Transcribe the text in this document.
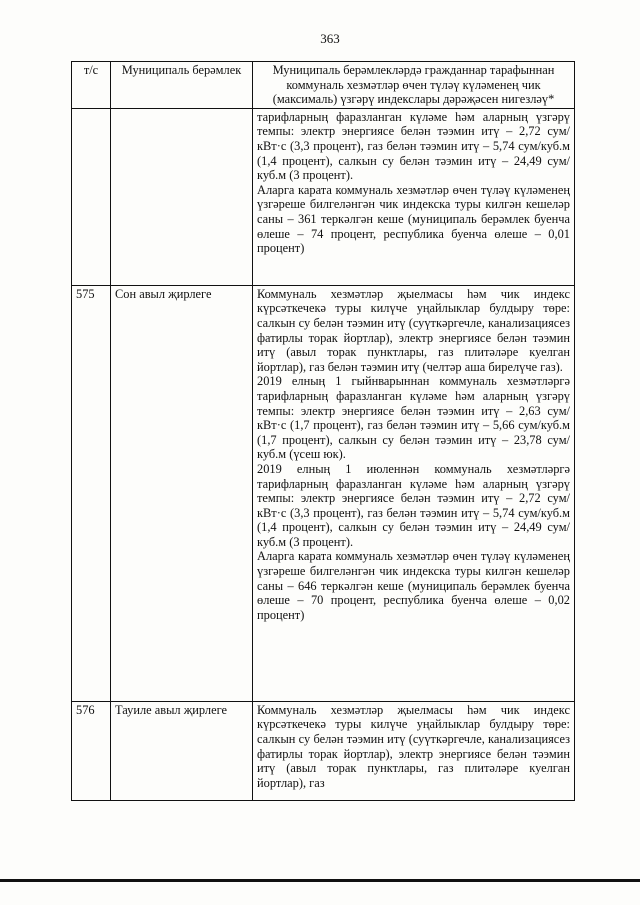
363
т/с	Муниципаль берәмлек	Муниципаль берәмлекләрдә гражданнар тарафыннан коммуналь хезмәтләр өчен түләү күләменең чик (максималь) үзгәрү индекслары дәрәҗәсен нигезләү*

		тарифларның фаразланган күләме һәм аларның үзгәрү темпы: электр энергиясе белән тәэмин итү – 2,72 сум/кВт·с (3,3 процент), газ белән тәэмин итү – 5,74 сум/куб.м (1,4 процент), салкын су белән тәэмин итү – 24,49 сум/куб.м (3 процент).
Аларга карата коммуналь хезмәтләр өчен түләү күләменең үзгәреше билгеләнгән чик индекска туры килгән кешеләр саны – 361 теркәлгән кеше (муниципаль берәмлек буенча өлеше – 74 процент, республика буенча өлеше – 0,01 процент)

575	Сон авыл җирлеге	Коммуналь хезмәтләр җыелмасы һәм чик индекс күрсәткечекә туры килүче уңайлыклар булдыру төре: салкын су белән тәэмин итү (суүткәргечле, канализациясез фатирлы торак йортлар), электр энергиясе белән тәэмин итү (авыл торак пунктлары, газ плитәләре куелган йортлар), газ белән тәэмин итү (челтәр аша бирелүче газ).
2019 елның 1 гыйнварыннан коммуналь хезмәтләргә тарифларның фаразланган күләме һәм аларның үзгәрү темпы: электр энергиясе белән тәэмин итү – 2,63 сум/кВт·с (1,7 процент), газ белән тәэмин итү – 5,66 сум/куб.м (1,7 процент), салкын су белән тәэмин итү – 23,78 сум/куб.м (үсеш юк).
2019 елның 1 июленнән коммуналь хезмәтләргә тарифларның фаразланган күләме һәм аларның үзгәрү темпы: электр энергиясе белән тәэмин итү – 2,72 сум/кВт·с (3,3 процент), газ белән тәэмин итү – 5,74 сум/куб.м (1,4 процент), салкын су белән тәэмин итү – 24,49 сум/куб.м (3 процент).
Аларга карата коммуналь хезмәтләр өчен түләү күләменең үзгәреше билгеләнгән чик индекска туры килгән кешеләр саны – 646 теркәлгән кеше (муниципаль берәмлек буенча өлеше – 70 процент, республика буенча өлеше – 0,02 процент)

576	Тауиле авыл җирлеге	Коммуналь хезмәтләр җыелмасы һәм чик индекс күрсәткечекә туры килүче уңайлыклар булдыру төре: салкын су белән тәэмин итү (суүткәргечле, канализациясез фатирлы торак йортлар), электр энергиясе белән тәэмин итү (авыл торак пунктлары, газ плитәләре куелган йортлар), газ
